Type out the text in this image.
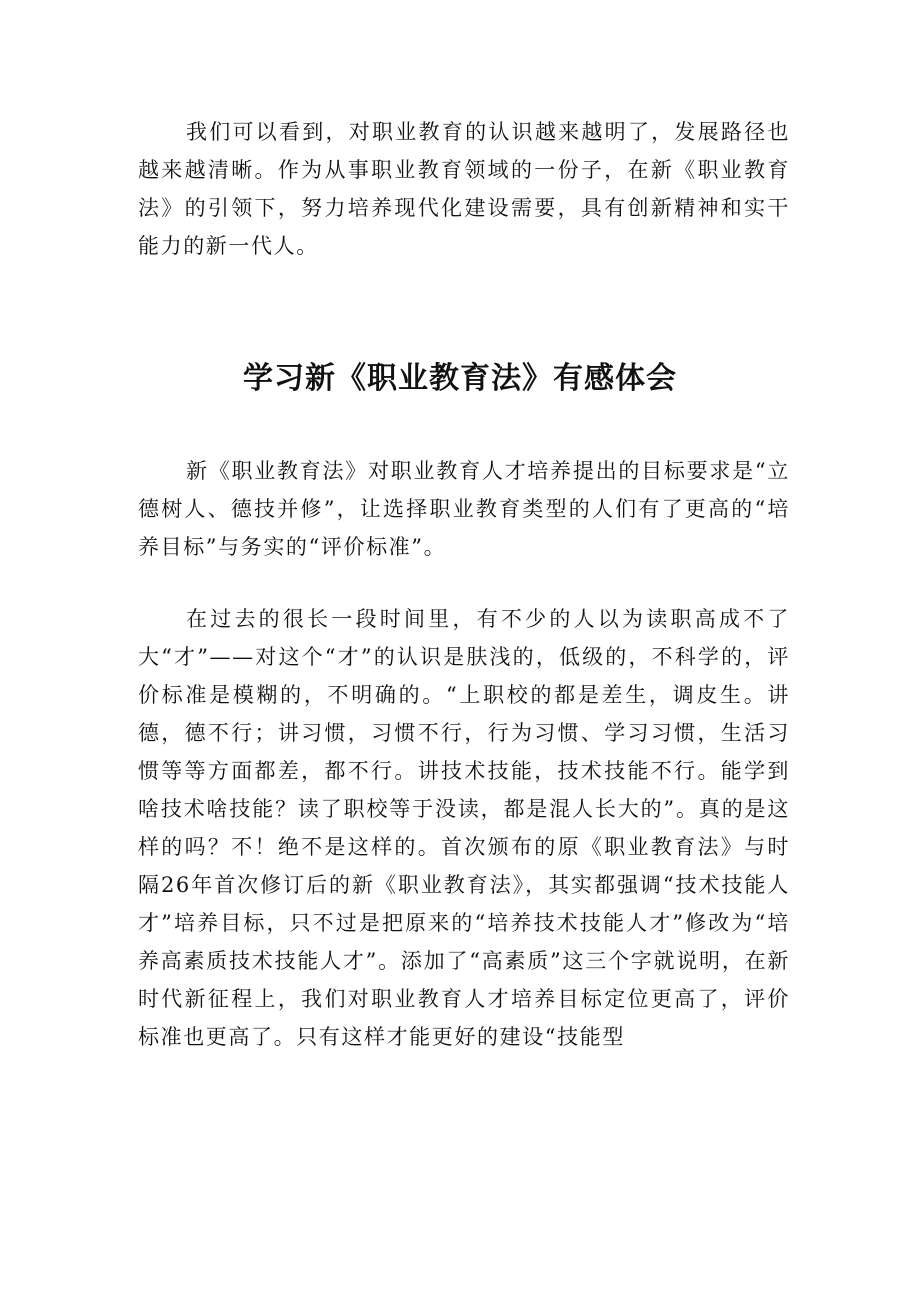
我们可以看到，对职业教育的认识越来越明了，发展路径也越来越清晰。作为从事职业教育领域的一份子，在新《职业教育法》的引领下，努力培养现代化建设需要，具有创新精神和实干能力的新一代人。

学习新《职业教育法》有感体会

新《职业教育法》对职业教育人才培养提出的目标要求是“立德树人、德技并修”，让选择职业教育类型的人们有了更高的“培养目标”与务实的“评价标准”。

在过去的很长一段时间里，有不少的人以为读职高成不了大“才”——对这个“才”的认识是肤浅的，低级的，不科学的，评价标准是模糊的，不明确的。“上职校的都是差生，调皮生。讲德，德不行；讲习惯，习惯不行，行为习惯、学习习惯，生活习惯等等方面都差，都不行。讲技术技能，技术技能不行。能学到啥技术啥技能？读了职校等于没读，都是混人长大的”。真的是这样的吗？不！绝不是这样的。首次颁布的原《职业教育法》与时隔26年首次修订后的新《职业教育法》，其实都强调“技术技能人才”培养目标，只不过是把原来的“培养技术技能人才”修改为“培养高素质技术技能人才”。添加了“高素质”这三个字就说明，在新时代新征程上，我们对职业教育人才培养目标定位更高了，评价标准也更高了。只有这样才能更好的建设“技能型
